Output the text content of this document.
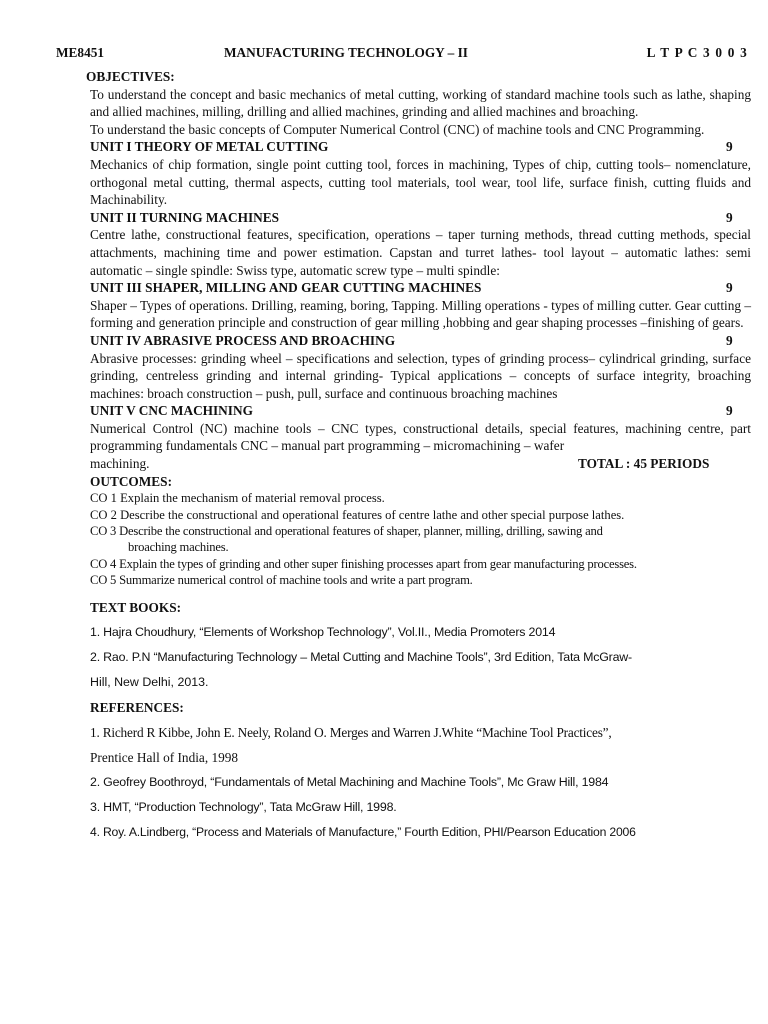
ME8451	MANUFACTURING TECHNOLOGY – II	L T P C 3 0 0 3
OBJECTIVES:
To understand the concept and basic mechanics of metal cutting, working of standard machine tools such as lathe, shaping and allied machines, milling, drilling and allied machines, grinding and allied machines and broaching.
To understand the basic concepts of Computer Numerical Control (CNC) of machine tools and CNC Programming.
UNIT I THEORY OF METAL CUTTING	9
Mechanics of chip formation, single point cutting tool, forces in machining, Types of chip, cutting tools– nomenclature, orthogonal metal cutting, thermal aspects, cutting tool materials, tool wear, tool life, surface finish, cutting fluids and Machinability.
UNIT II TURNING MACHINES	9
Centre lathe, constructional features, specification, operations – taper turning methods, thread cutting methods, special attachments, machining time and power estimation. Capstan and turret lathes- tool layout – automatic lathes: semi automatic – single spindle: Swiss type, automatic screw type – multi spindle:
UNIT III SHAPER, MILLING AND GEAR CUTTING MACHINES	9
Shaper – Types of operations. Drilling, reaming, boring, Tapping. Milling operations - types of milling cutter. Gear cutting – forming and generation principle and construction of gear milling ,hobbing and gear shaping processes –finishing of gears.
UNIT IV ABRASIVE PROCESS AND BROACHING	9
Abrasive processes: grinding wheel – specifications and selection, types of grinding process– cylindrical grinding, surface grinding, centreless grinding and internal grinding- Typical applications – concepts of surface integrity, broaching machines: broach construction – push, pull, surface and continuous broaching machines
UNIT V CNC MACHINING	9
Numerical Control (NC) machine tools – CNC types, constructional details, special features, machining centre, part programming fundamentals CNC – manual part programming – micromachining – wafer
machining.	TOTAL : 45 PERIODS
OUTCOMES:
CO 1 Explain the mechanism of material removal process.
CO 2 Describe the constructional and operational features of centre lathe and other special purpose lathes.
CO 3 Describe the constructional and operational features of shaper, planner, milling, drilling, sawing and
broaching machines.
CO 4 Explain the types of grinding and other super finishing processes apart from gear manufacturing processes.
CO 5 Summarize numerical control of machine tools and write a part program.
TEXT BOOKS:
1. Hajra Choudhury, “Elements of Workshop Technology”, Vol.II., Media Promoters 2014
2. Rao. P.N “Manufacturing Technology – Metal Cutting and Machine Tools”, 3rd Edition, Tata McGraw-
Hill, New Delhi, 2013.
REFERENCES:
1. Richerd R Kibbe, John E. Neely, Roland O. Merges and Warren J.White “Machine Tool Practices”,
Prentice Hall of India, 1998
2. Geofrey Boothroyd, “Fundamentals of Metal Machining and Machine Tools”, Mc Graw Hill, 1984
3. HMT, “Production Technology”, Tata McGraw Hill, 1998.
4. Roy. A.Lindberg, “Process and Materials of Manufacture,” Fourth Edition, PHI/Pearson Education 2006
